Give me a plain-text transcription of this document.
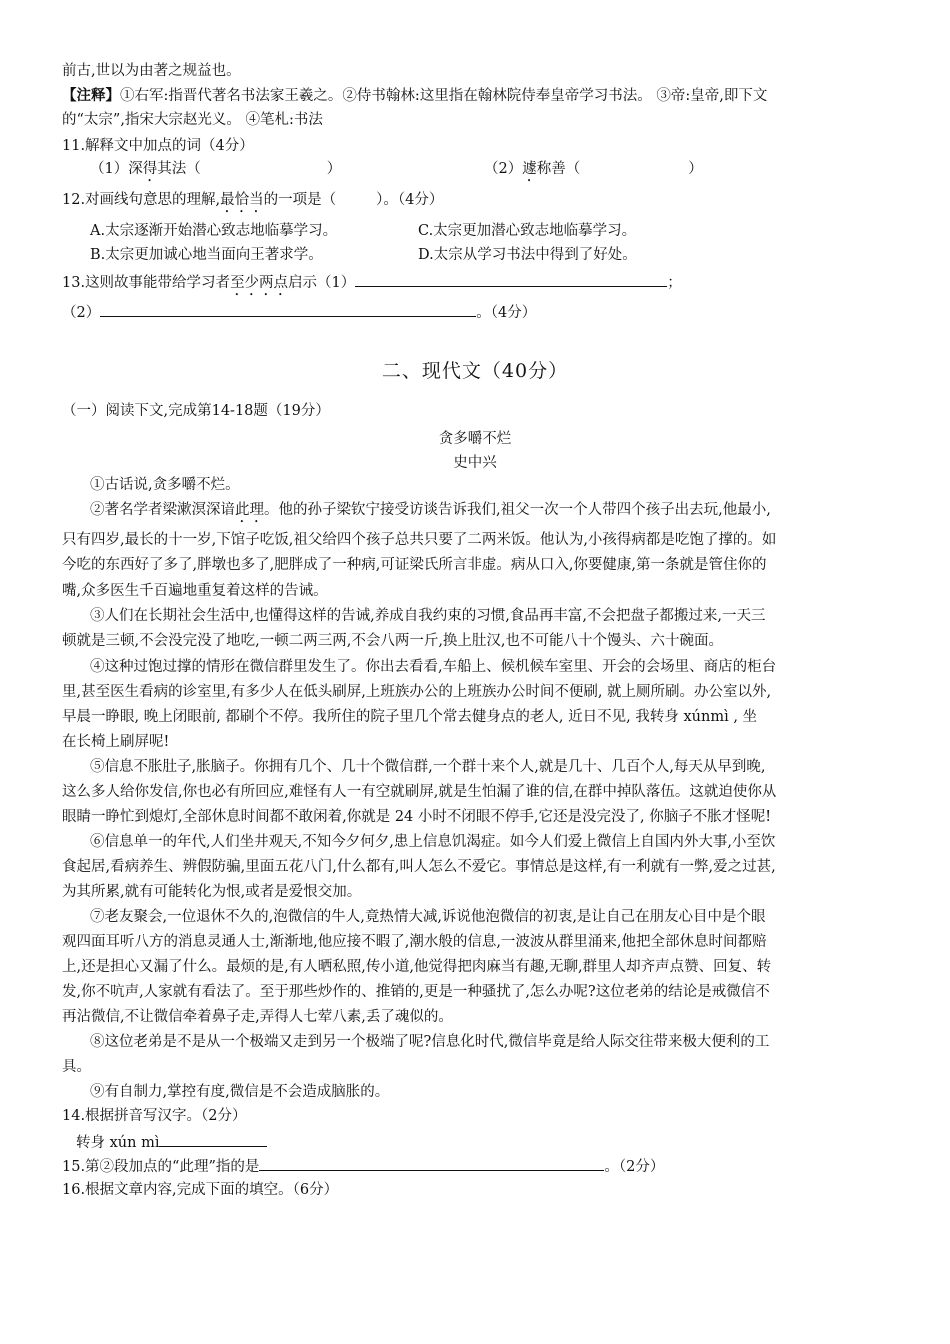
前古,世以为由著之规益也。
【注释】①右军:指晋代著名书法家王羲之。②侍书翰林:这里指在翰林院侍奉皇帝学习书法。 ③帝:皇帝,即下文
的“太宗”,指宋大宗赵光义。 ④笔札:书法
11.解释文中加点的词（4分）
（1）深得其法（	）	（2）遽称善（	）
12.对画线句意思的理解,最恰当的一项是（	）。（4分）
A.太宗逐渐开始潜心致志地临摹学习。	C.太宗更加潜心致志地临摹学习。
B.太宗更加诚心地当面向王著求学。	D.太宗从学习书法中得到了好处。
13.这则故事能带给学习者至少两点启示（1）	；
（2）	。（4分）
二、现代文（40分）
（一）阅读下文,完成第14-18题（19分）
贪多嚼不烂
史中兴
①古话说,贪多嚼不烂。
②著名学者梁漱溟深谙此理。他的孙子梁钦宁接受访谈告诉我们,祖父一次一个人带四个孩子出去玩,他最小,
只有四岁,最长的十一岁,下馆子吃饭,祖父给四个孩子总共只要了二两米饭。他认为,小孩得病都是吃饱了撑的。如
今吃的东西好了多了,胖墩也多了,肥胖成了一种病,可证梁氏所言非虚。病从口入,你要健康,第一条就是管住你的
嘴,众多医生千百遍地重复着这样的告诫。
③人们在长期社会生活中,也懂得这样的告诫,养成自我约束的习惯,食品再丰富,不会把盘子都搬过来,一天三
顿就是三顿,不会没完没了地吃,一顿二两三两,不会八两一斤,换上肚汉,也不可能八十个馒头、六十碗面。
④这种过饱过撑的情形在微信群里发生了。你出去看看,车船上、候机候车室里、开会的会场里、商店的柜台
里,甚至医生看病的诊室里,有多少人在低头刷屏,上班族办公的上班族办公时间不便刷, 就上厕所刷。办公室以外,
早晨一睁眼, 晚上闭眼前, 都刷个不停。我所住的院子里几个常去健身点的老人, 近日不见, 我转身 xúnmì , 坐
在长椅上刷屏呢!
⑤信息不胀肚子,胀脑子。你拥有几个、几十个微信群,一个群十来个人,就是几十、几百个人,每天从早到晚,
这么多人给你发信,你也必有所回应,难怪有人一有空就刷屏,就是生怕漏了谁的信,在群中掉队落伍。这就迫使你从
眼睛一睁忙到熄灯,全部休息时间都不敢闲着,你就是 24 小时不闭眼不停手,它还是没完没了, 你脑子不胀才怪呢!
⑥信息单一的年代,人们坐井观天,不知今夕何夕,患上信息饥渴症。如今人们爱上微信上自国内外大事,小至饮
食起居,看病养生、辨假防骗,里面五花八门,什么都有,叫人怎么不爱它。事情总是这样,有一利就有一弊,爱之过甚,
为其所累,就有可能转化为恨,或者是爱恨交加。
⑦老友聚会,一位退休不久的,泡微信的牛人,竟热情大减,诉说他泡微信的初衷,是让自己在朋友心目中是个眼
观四面耳听八方的消息灵通人士,渐渐地,他应接不暇了,潮水般的信息,一波波从群里涌来,他把全部休息时间都赔
上,还是担心又漏了什么。最烦的是,有人晒私照,传小道,他觉得把肉麻当有趣,无聊,群里人却齐声点赞、回复、转
发,你不吭声,人家就有看法了。至于那些炒作的、推销的,更是一种骚扰了,怎么办呢?这位老弟的结论是戒微信不
再沾微信,不让微信牵着鼻子走,弄得人七荤八素,丢了魂似的。
⑧这位老弟是不是从一个极端又走到另一个极端了呢?信息化时代,微信毕竟是给人际交往带来极大便利的工
具。
⑨有自制力,掌控有度,微信是不会造成脑胀的。
14.根据拼音写汉字。（2分）
转身 xún mì
15.第②段加点的“此理”指的是	。（2分）
16.根据文章内容,完成下面的填空。（6分）
